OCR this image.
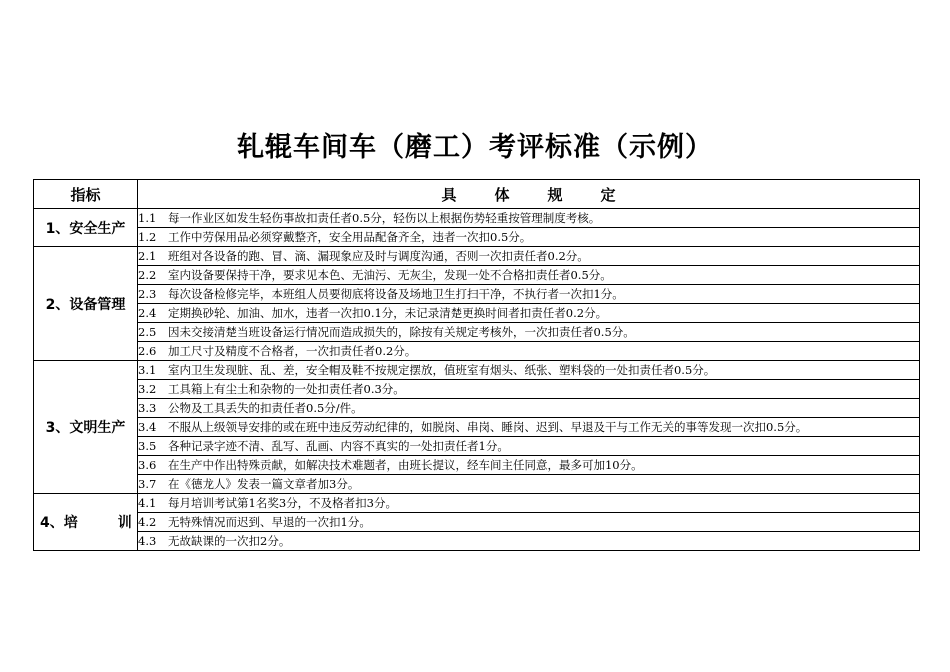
轧辊车间车（磨工）考评标准（示例）
指标	具体规定
1、安全生产	1.1 每一作业区如发生轻伤事故扣责任者0.5分，轻伤以上根据伤势轻重按管理制度考核。
	1.2 工作中劳保用品必须穿戴整齐，安全用品配备齐全，违者一次扣0.5分。
2、设备管理	2.1 班组对各设备的跑、冒、滴、漏现象应及时与调度沟通，否则一次扣责任者0.2分。
	2.2 室内设备要保持干净，要求见本色、无油污、无灰尘，发现一处不合格扣责任者0.5分。
	2.3 每次设备检修完毕，本班组人员要彻底将设备及场地卫生打扫干净，不执行者一次扣1分。
	2.4 定期换砂轮、加油、加水，违者一次扣0.1分，未记录清楚更换时间者扣责任者0.2分。
	2.5 因未交接清楚当班设备运行情况而造成损失的，除按有关规定考核外，一次扣责任者0.5分。
	2.6 加工尺寸及精度不合格者，一次扣责任者0.2分。
3、文明生产	3.1 室内卫生发现脏、乱、差，安全帽及鞋不按规定摆放，值班室有烟头、纸张、塑料袋的一处扣责任者0.5分。
	3.2 工具箱上有尘土和杂物的一处扣责任者0.3分。
	3.3 公物及工具丢失的扣责任者0.5分/件。
	3.4 不服从上级领导安排的或在班中违反劳动纪律的，如脱岗、串岗、睡岗、迟到、早退及干与工作无关的事等发现一次扣0.5分。
	3.5 各种记录字迹不清、乱写、乱画、内容不真实的一处扣责任者1分。
	3.6 在生产中作出特殊贡献，如解决技术难题者，由班长提议，经车间主任同意，最多可加10分。
	3.7 在《德龙人》发表一篇文章者加3分。
4、培 训	4.1 每月培训考试第1名奖3分，不及格者扣3分。
	4.2 无特殊情况而迟到、早退的一次扣1分。
	4.3 无故缺课的一次扣2分。
